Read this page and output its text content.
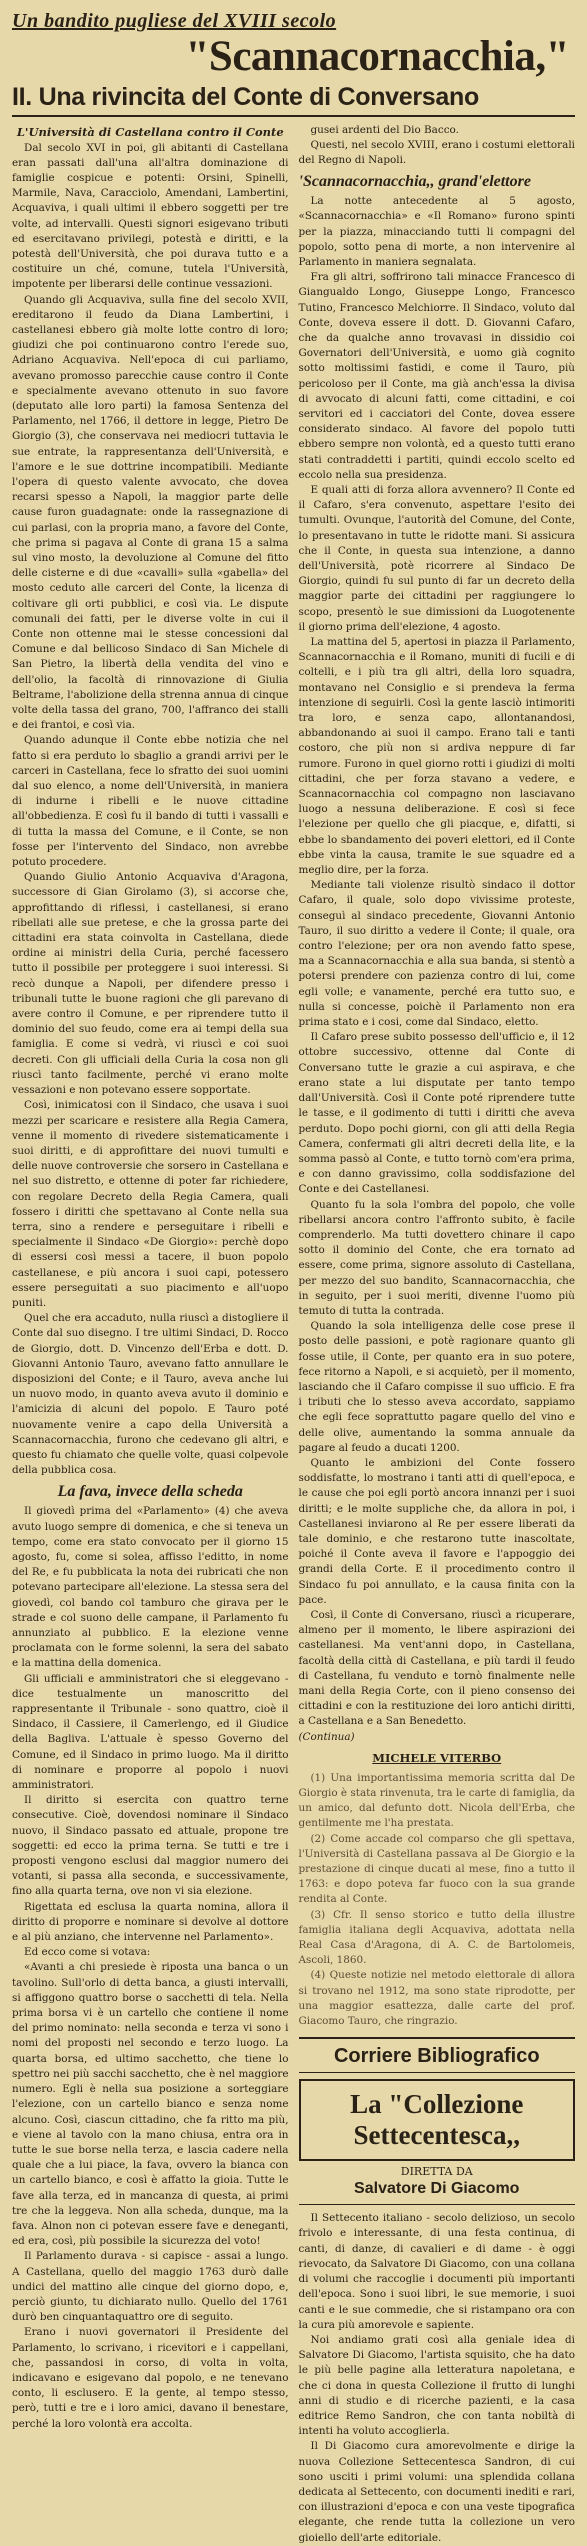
Un bandito pugliese del XVIII secolo
"Scannacornacchia,"
II. Una rivincita del Conte di Conversano
L'Università di Castellana contro il Conte

Dal secolo XVI in poi, gli abitanti di Castellana eran passati dall'una all'altra dominazione di famiglie cospicue e potenti: Orsini, Spinelli, Marmile, Nava, Caracciolo, Amendani, Lambertini, Acquaviva, i quali ultimi il ebbero soggetti per tre volte, ad intervalli. Questi signori esigevano tributi ed esercitavano privilegi, potestà e diritti, e la potestà dell'Università, che poi durava tutto e a costituire un ché, comune, tutela l'Università, impotente per liberarsi delle continue vessazioni.

Quando gli Acquaviva, sulla fine del secolo XVII, ereditarono il feudo da Diana Lambertini, i castellanesi ebbero già molte lotte contro di loro; giudizi che poi continuarono contro l'erede suo, Adriano Acquaviva. Nell'epoca di cui parliamo, avevano promosso parecchie cause contro il Conte e specialmente avevano ottenuto in suo favore (deputato alle loro parti) la famosa Sentenza del Parlamento, nel 1766, il dettore in legge, Pietro De Giorgio (3), che conservava nei mediocri tuttavia le sue entrate, la rappresentanza dell'Università, e l'amore e le sue dottrine incompatibili. Mediante l'opera di questo valente avvocato, che dovea recarsi spesso a Napoli, la maggior parte delle cause furon guadagnate: onde la rassegnazione di cui parlasi, con la propria mano, a favore del Conte, che prima si pagava al Conte di grana 15 a salma sul vino mosto, la devoluzione al Comune del fitto delle cisterne e di due «cavalli» sulla «gabella» del mosto ceduto alle carceri del Conte, la licenza di coltivare gli orti pubblici, e così via. Le dispute comunali dei fatti, per le diverse volte in cui il Conte non ottenne mai le stesse concessioni dal Comune e dal bellicoso Sindaco di San Michele di San Pietro, la libertà della vendita del vino e dell'olio, la facoltà di rinnovazione di Giulia Beltrame, l'abolizione della strenna annua di cinque volte della tassa del grano, 700, l'affranco dei stalli e dei frantoi, e così via.

Quando adunque il Conte ebbe notizia che nel fatto si era perduto lo sbaglio a grandi arrivi per le carceri in Castellana, fece lo sfratto dei suoi uomini dal suo elenco, a nome dell'Università, in maniera di indurne i ribelli e le nuove cittadine all'obbedienza. E così fu il bando di tutti i vassalli e di tutta la massa del Comune, e il Conte, se non fosse per l'intervento del Sindaco, non avrebbe potuto procedere.

Quando Giulio Antonio Acquaviva d'Aragona, successore di Gian Girolamo (3), si accorse che, approfittando di riflessi, i castellanesi, si erano ribellati alle sue pretese, e che la grossa parte dei cittadini era stata coinvolta in Castellana, diede ordine ai ministri della Curia, perché facessero tutto il possibile per proteggere i suoi interessi. Si recò dunque a Napoli, per difendere presso i tribunali tutte le buone ragioni che gli parevano di avere contro il Comune, e per riprendere tutto il dominio del suo feudo, come era ai tempi della sua famiglia. E come si vedrà, vi riuscì e coi suoi decreti. Con gli ufficiali della Curia la cosa non gli riuscì tanto facilmente, perché vi erano molte vessazioni e non potevano essere sopportate.

Così, inimicatosi con il Sindaco, che usava i suoi mezzi per scaricare e resistere alla Regia Camera, venne il momento di rivedere sistematicamente i suoi diritti, e di approfittare dei nuovi tumulti e delle nuove controversie che sorsero in Castellana e nel suo distretto, e ottenne di poter far richiedere, con regolare Decreto della Regia Camera, quali fossero i diritti che spettavano al Conte nella sua terra, sino a rendere e perseguitare i ribelli e specialmente il Sindaco «De Giorgio»: perchè dopo di essersi così messi a tacere, il buon popolo castellanese, e più ancora i suoi capi, potessero essere perseguitati a suo piacimento e all'uopo puniti.

Quel che era accaduto, nulla riuscì a distogliere il Conte dal suo disegno. I tre ultimi Sindaci, D. Rocco de Giorgio, dott. D. Vincenzo dell'Erba e dott. D. Giovanni Antonio Tauro, avevano fatto annullare le disposizioni del Conte; e il Tauro, aveva anche lui un nuovo modo, in quanto aveva avuto il dominio e l'amicizia di alcuni del popolo. E Tauro poté nuovamente venire a capo della Università a Scannacornacchia, furono che cedevano gli altri, e questo fu chiamato che quelle volte, quasi colpevole della pubblica cosa.

La fava, invece della scheda

Il giovedì prima del «Parlamento» (4) che aveva avuto luogo sempre di domenica, e che si teneva un tempo, come era stato convocato per il giorno 15 agosto, fu, come si solea, affisso l'editto, in nome del Re, e fu pubblicata la nota dei rubricati che non potevano partecipare all'elezione. La stessa sera del giovedì, col bando col tamburo che girava per le strade e col suono delle campane, il Parlamento fu annunziato al pubblico. E la elezione venne proclamata con le forme solenni, la sera del sabato e la mattina della domenica.

Gli ufficiali e amministratori che si eleggevano - dice testualmente un manoscritto del rappresentante il Tribunale - sono quattro, cioè il Sindaco, il Cassiere, il Camerlengo, ed il Giudice della Bagliva. L'attuale è spesso Governo del Comune, ed il Sindaco in primo luogo. Ma il diritto di nominare e proporre al popolo i nuovi amministratori.

Il diritto si esercita con quattro terne consecutive. Cioè, dovendosi nominare il Sindaco nuovo, il Sindaco passato ed attuale, propone tre soggetti: ed ecco la prima terna. Se tutti e tre i proposti vengono esclusi dal maggior numero dei votanti, si passa alla seconda, e successivamente, fino alla quarta terna, ove non vi sia elezione.

Rigettata ed esclusa la quarta nomina, allora il diritto di proporre e nominare si devolve al dottore e al più anziano, che intervenne nel Parlamento».

Ed ecco come si votava:

«Avanti a chi presiede è riposta una banca o un tavolino. Sull'orlo di detta banca, a giusti intervalli, si affiggono quattro borse o sacchetti di tela. Nella prima borsa vi è un cartello che contiene il nome del primo nominato: nella seconda e terza vi sono i nomi del proposti nel secondo e terzo luogo. La quarta borsa, ed ultimo sacchetto, che tiene lo spettro nei più sacchi sacchetto, che è nel maggiore numero. Egli è nella sua posizione a sorteggiare l'elezione, con un cartello bianco e senza nome alcuno. Così, ciascun cittadino, che fa ritto ma più, e viene al tavolo con la mano chiusa, entra ora in tutte le sue borse nella terza, e lascia cadere nella quale che a lui piace, la fava, ovvero la bianca con un cartello bianco, e così è affatto la gioia. Tutte le fave alla terza, ed in mancanza di questa, ai primi tre che la leggeva. Non alla scheda, dunque, ma la fava. Alnon non ci potevan essere fave e deneganti, ed era, così, più possibile la sicurezza del voto!

Il Parlamento durava - si capisce - assai a lungo. A Castellana, quello del maggio 1763 durò dalle undici del mattino alle cinque del giorno dopo, e, perciò giunto, tu dichiarato nullo. Quello del 1761 durò ben cinquantaquattro ore di seguito.

Erano i nuovi governatori il Presidente del Parlamento, lo scrivano, i ricevitori e i cappellani, che, passandosi in corso, di volta in volta, indicavano e esigevano dal popolo, e ne tenevano conto, li esclusero. E la gente, al tempo stesso, però, tutti e tre e i loro amici, davano il benestare, perché la loro volontà era accolta.

gusei ardenti del Dio Bacco.

Questi, nel secolo XVIII, erano i costumi elettorali del Regno di Napoli.

'Scannacornacchia,, grand'elettore

La notte antecedente al 5 agosto, «Scannacornacchia» e «Il Romano» furono spinti per la piazza, minacciando tutti li compagni del popolo, sotto pena di morte, a non intervenire al Parlamento in maniera segnalata.

Fra gli altri, soffrirono tali minacce Francesco di Giangualdo Longo, Giuseppe Longo, Francesco Tutino, Francesco Melchiorre. Il Sindaco, voluto dal Conte, doveva essere il dott. D. Giovanni Cafaro, che da qualche anno trovavasi in dissidio coi Governatori dell'Università, e uomo già cognito sotto moltissimi fastidi, e come il Tauro, più pericoloso per il Conte, ma già anch'essa la divisa di avvocato di alcuni fatti, come cittadini, e coi servitori ed i cacciatori del Conte, dovea essere considerato sindaco. Al favore del popolo tutti ebbero sempre non volontà, ed a questo tutti erano stati contraddetti i partiti, quindi eccolo scelto ed eccolo nella sua presidenza.

E quali atti di forza allora avvennero? Il Conte ed il Cafaro, s'era convenuto, aspettare l'esito dei tumulti. Ovunque, l'autorità del Comune, del Conte, lo presentavano in tutte le ridotte mani. Si assicura che il Conte, in questa sua intenzione, a danno dell'Università, potè ricorrere al Sindaco De Giorgio, quindi fu sul punto di far un decreto della maggior parte dei cittadini per raggiungere lo scopo, presentò le sue dimissioni da Luogotenente il giorno prima dell'elezione, 4 agosto.

La mattina del 5, apertosi in piazza il Parlamento, Scannacornacchia e il Romano, muniti di fucili e di coltelli, e i più tra gli altri, della loro squadra, montavano nel Consiglio e si prendeva la ferma intenzione di seguirli. Così la gente lasciò intimoriti tra loro, e senza capo, allontanandosi, abbandonando ai suoi il campo. Erano tali e tanti costoro, che più non si ardiva neppure di far rumore. Furono in quel giorno rotti i giudizi di molti cittadini, che per forza stavano a vedere, e Scannacornacchia col compagno non lasciavano luogo a nessuna deliberazione. E così si fece l'elezione per quello che gli piacque, e, difatti, si ebbe lo sbandamento dei poveri elettori, ed il Conte ebbe vinta la causa, tramite le sue squadre ed a meglio dire, per la forza.

Mediante tali violenze risultò sindaco il dottor Cafaro, il quale, solo dopo vivissime proteste, conseguì al sindaco precedente, Giovanni Antonio Tauro, il suo diritto a vedere il Conte; il quale, ora contro l'elezione; per ora non avendo fatto spese, ma a Scannacornacchia e alla sua banda, si stentò a potersi prendere con pazienza contro di lui, come egli volle; e vanamente, perché era tutto suo, e nulla si concesse, poichè il Parlamento non era prima stato e i cosi, come dal Sindaco, eletto.

Il Cafaro prese subito possesso dell'ufficio e, il 12 ottobre successivo, ottenne dal Conte di Conversano tutte le grazie a cui aspirava, e che erano state a lui disputate per tanto tempo dall'Università. Così il Conte poté riprendere tutte le tasse, e il godimento di tutti i diritti che aveva perduto. Dopo pochi giorni, con gli atti della Regia Camera, confermati gli altri decreti della lite, e la somma passò al Conte, e tutto tornò com'era prima, e con danno gravissimo, colla soddisfazione del Conte e dei Castellanesi.

Quanto fu la sola l'ombra del popolo, che volle ribellarsi ancora contro l'affronto subito, è facile comprenderlo. Ma tutti dovettero chinare il capo sotto il dominio del Conte, che era tornato ad essere, come prima, signore assoluto di Castellana, per mezzo del suo bandito, Scannacornacchia, che in seguito, per i suoi meriti, divenne l'uomo più temuto di tutta la contrada.

Quando la sola intelligenza delle cose prese il posto delle passioni, e potè ragionare quanto gli fosse utile, il Conte, per quanto era in suo potere, fece ritorno a Napoli, e si acquietò, per il momento, lasciando che il Cafaro compisse il suo ufficio. E fra i tributi che lo stesso aveva accordato, sappiamo che egli fece soprattutto pagare quello del vino e delle olive, aumentando la somma annuale da pagare al feudo a ducati 1200.

Quanto le ambizioni del Conte fossero soddisfatte, lo mostrano i tanti atti di quell'epoca, e le cause che poi egli portò ancora innanzi per i suoi diritti; e le molte suppliche che, da allora in poi, i Castellanesi inviarono al Re per essere liberati da tale dominio, e che restarono tutte inascoltate, poiché il Conte aveva il favore e l'appoggio dei grandi della Corte. E il procedimento contro il Sindaco fu poi annullato, e la causa finita con la pace.

Così, il Conte di Conversano, riuscì a ricuperare, almeno per il momento, le libere aspirazioni dei castellanesi. Ma vent'anni dopo, in Castellana, facoltà della città di Castellana, e più tardi il feudo di Castellana, fu venduto e tornò finalmente nelle mani della Regia Corte, con il pieno consenso dei cittadini e con la restituzione dei loro antichi diritti, a Castellana e a San Benedetto.

(Continua)
MICHELE VITERBO

(1) Una importantissima memoria scritta dal De Giorgio è stata rinvenuta, tra le carte di famiglia, da un amico, dal defunto dott. Nicola dell'Erba, che gentilmente me l'ha prestata.

(2) Come accade col comparso che gli spettava, l'Università di Castellana passava al De Giorgio e la prestazione di cinque ducati al mese, fino a tutto il 1763: e dopo poteva far fuoco con la sua grande rendita al Conte.

(3) Cfr. Il senso storico e tutto della illustre famiglia italiana degli Acquaviva, adottata nella Real Casa d'Aragona, di A. C. de Bartolomeis, Ascoli, 1860.

(4) Queste notizie nel metodo elettorale di allora si trovano nel 1912, ma sono state riprodotte, per una maggior esattezza, dalle carte del prof. Giacomo Tauro, che ringrazio.

Corriere Bibliografico
La "Collezione Settecentesca,,
DIRETTA DA
Salvatore Di Giacomo

Il Settecento italiano - secolo delizioso, un secolo frivolo e interessante, di una festa continua, di canti, di danze, di cavalieri e di dame - è oggi rievocato, da Salvatore Di Giacomo, con una collana di volumi che raccoglie i documenti più importanti dell'epoca. Sono i suoi libri, le sue memorie, i suoi canti e le sue commedie, che si ristampano ora con la cura più amorevole e sapiente.

Noi andiamo grati così alla geniale idea di Salvatore Di Giacomo, l'artista squisito, che ha dato le più belle pagine alla letteratura napoletana, e che ci dona in questa Collezione il frutto di lunghi anni di studio e di ricerche pazienti, e la casa editrice Remo Sandron, che con tanta nobiltà di intenti ha voluto accoglierla.

Il Di Giacomo cura amorevolmente e dirige la nuova Collezione Settecentesca Sandron, di cui sono usciti i primi volumi: una splendida collana dedicata al Settecento, con documenti inediti e rari, con illustrazioni d'epoca e con una veste tipografica elegante, che rende tutta la collezione un vero gioiello dell'arte editoriale.
